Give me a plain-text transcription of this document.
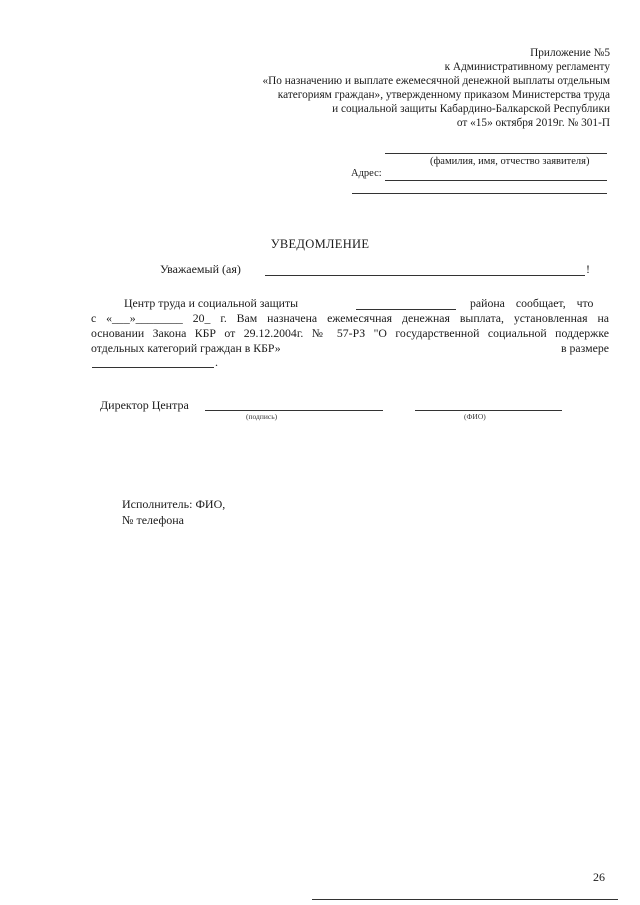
Приложение №5
к Административному регламенту
«По назначению и выплате ежемесячной денежной выплаты отдельным
категориям граждан», утвержденному приказом Министерства труда
и социальной защиты Кабардино-Балкарской Республики
от «15» октября 2019г. № 301-П
(фамилия, имя, отчество заявителя)
Адрес:
УВЕДОМЛЕНИЕ
Уважаемый (ая)	!
Центр труда и социальной защиты	района сообщает, что
с «___»________ 20_ г. Вам назначена ежемесячная денежная выплата, установленная на
основании Закона КБР от 29.12.2004г. № 57-РЗ "О государственной социальной поддержке
отдельных категорий граждан в КБР»	в размере
.
Директор Центра
(подпись)	(ФИО)
Исполнитель: ФИО,
№ телефона
26
